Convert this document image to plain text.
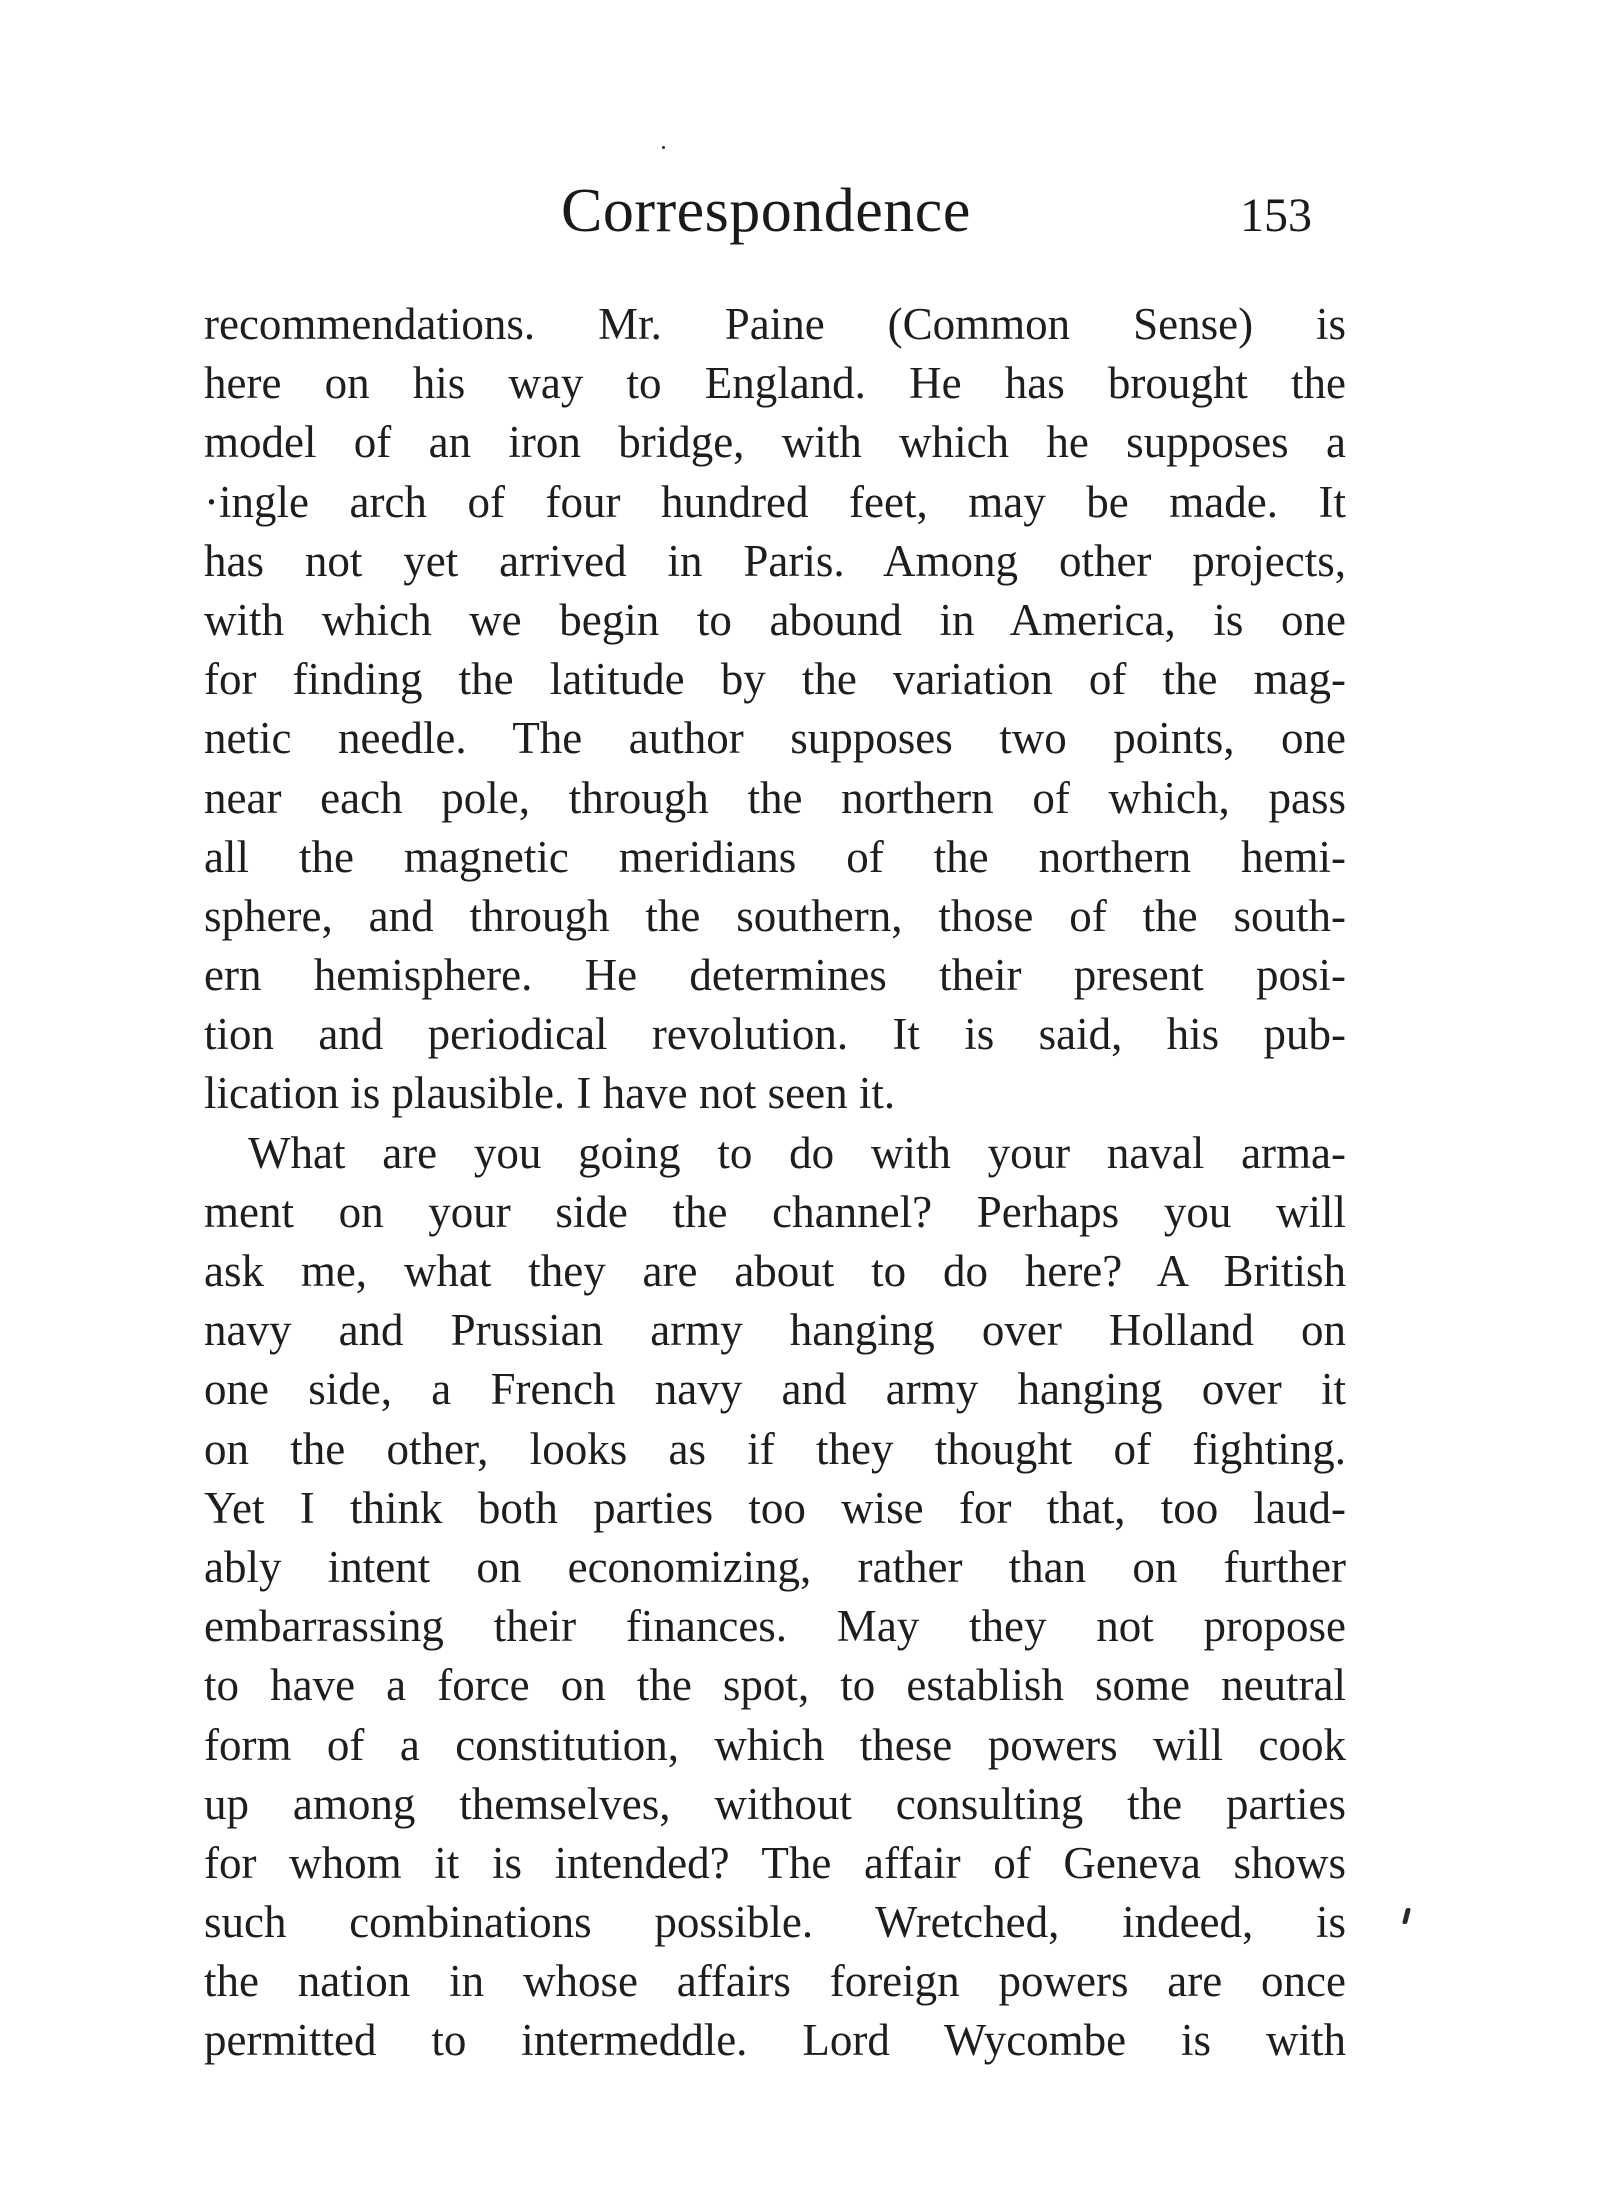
Correspondence	153
recommendations. Mr. Paine (Common Sense) is
here on his way to England. He has brought the
model of an iron bridge, with which he supposes a
·ingle arch of four hundred feet, may be made. It
has not yet arrived in Paris. Among other projects,
with which we begin to abound in America, is one
for finding the latitude by the variation of the mag-
netic needle. The author supposes two points, one
near each pole, through the northern of which, pass
all the magnetic meridians of the northern hemi-
sphere, and through the southern, those of the south-
ern hemisphere. He determines their present posi-
tion and periodical revolution. It is said, his pub-
lication is plausible. I have not seen it.
What are you going to do with your naval arma-
ment on your side the channel? Perhaps you will
ask me, what they are about to do here? A British
navy and Prussian army hanging over Holland on
one side, a French navy and army hanging over it
on the other, looks as if they thought of fighting.
Yet I think both parties too wise for that, too laud-
ably intent on economizing, rather than on further
embarrassing their finances. May they not propose
to have a force on the spot, to establish some neutral
form of a constitution, which these powers will cook
up among themselves, without consulting the parties
for whom it is intended? The affair of Geneva shows
such combinations possible. Wretched, indeed, is
the nation in whose affairs foreign powers are once
permitted to intermeddle. Lord Wycombe is with
